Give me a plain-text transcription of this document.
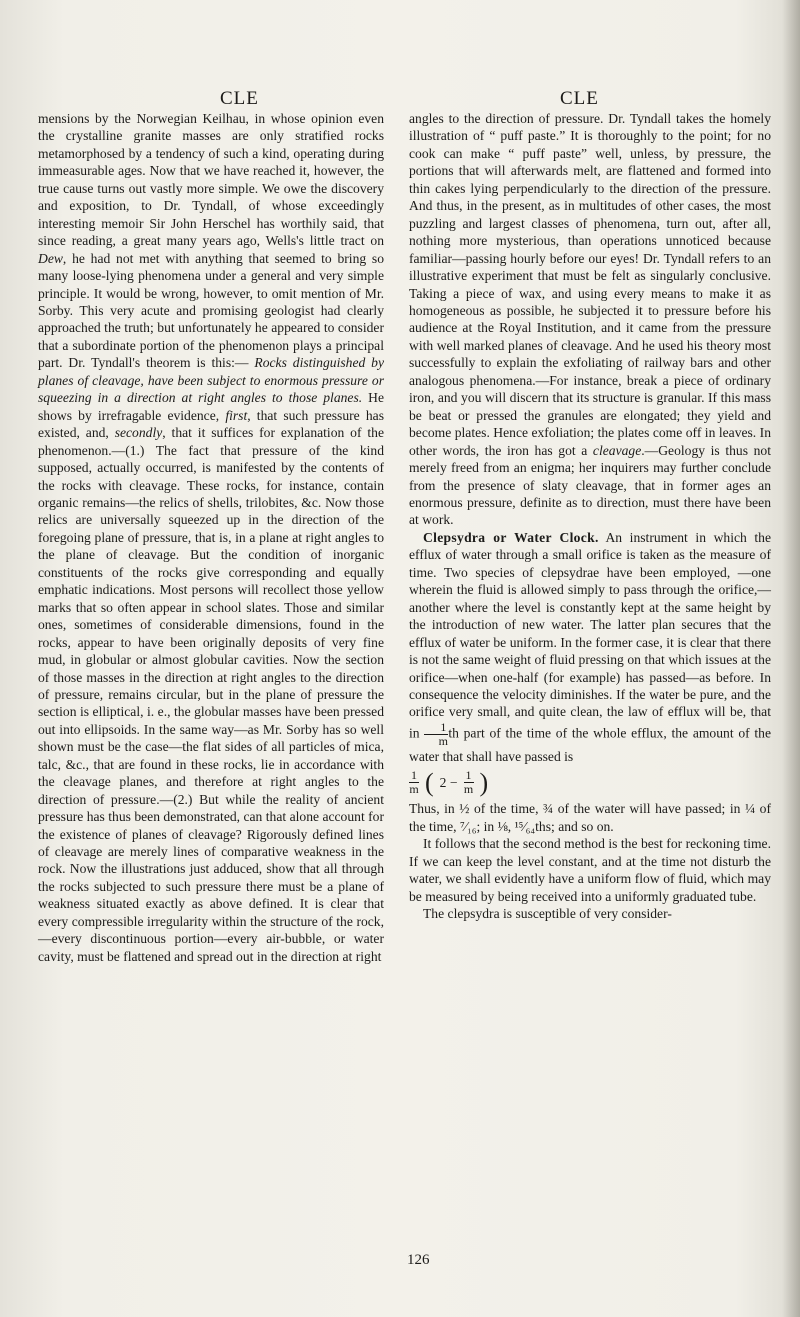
CLE	CLE

mensions by the Norwegian Keilhau, in whose opinion even the crystalline granite masses are only stratified rocks metamorphosed by a tendency of such a kind, operating during immeasurable ages. Now that we have reached it, however, the true cause turns out vastly more simple. We owe the discovery and exposition, to Dr. Tyndall, of whose exceedingly interesting memoir Sir John Herschel has worthily said, that since reading, a great many years ago, Wells's little tract on Dew, he had not met with anything that seemed to bring so many loose-lying phenomena under a general and very simple principle. It would be wrong, however, to omit mention of Mr. Sorby. This very acute and promising geologist had clearly approached the truth; but unfortunately he appeared to consider that a subordinate portion of the phenomenon plays a principal part. Dr. Tyndall's theorem is this:— Rocks distinguished by planes of cleavage, have been subject to enormous pressure or squeezing in a direction at right angles to those planes. He shows by irrefragable evidence, first, that such pressure has existed, and, secondly, that it suffices for explanation of the phenomenon.—(1.) The fact that pressure of the kind supposed, actually occurred, is manifested by the contents of the rocks with cleavage. These rocks, for instance, contain organic remains—the relics of shells, trilobites, &c. Now those relics are universally squeezed up in the direction of the foregoing plane of pressure, that is, in a plane at right angles to the plane of cleavage. But the condition of inorganic constituents of the rocks give corresponding and equally emphatic indications. Most persons will recollect those yellow marks that so often appear in school slates. Those and similar ones, sometimes of considerable dimensions, found in the rocks, appear to have been originally deposits of very fine mud, in globular or almost globular cavities. Now the section of those masses in the direction at right angles to the direction of pressure, remains circular, but in the plane of pressure the section is elliptical, i. e., the globular masses have been pressed out into ellipsoids. In the same way—as Mr. Sorby has so well shown must be the case—the flat sides of all particles of mica, talc, &c., that are found in these rocks, lie in accordance with the cleavage planes, and therefore at right angles to the direction of pressure.—(2.) But while the reality of ancient pressure has thus been demonstrated, can that alone account for the existence of planes of cleavage? Rigorously defined lines of cleavage are merely lines of comparative weakness in the rock. Now the illustrations just adduced, show that all through the rocks subjected to such pressure there must be a plane of weakness situated exactly as above defined. It is clear that every compressible irregularity within the structure of the rock,—every discontinuous portion—every air-bubble, or water cavity, must be flattened and spread out in the direction at right

angles to the direction of pressure. Dr. Tyndall takes the homely illustration of “ puff paste.” It is thoroughly to the point; for no cook can make “ puff paste” well, unless, by pressure, the portions that will afterwards melt, are flattened and formed into thin cakes lying perpendicularly to the direction of the pressure. And thus, in the present, as in multitudes of other cases, the most puzzling and largest classes of phenomena, turn out, after all, nothing more mysterious, than operations unnoticed because familiar—passing hourly before our eyes! Dr. Tyndall refers to an illustrative experiment that must be felt as singularly conclusive. Taking a piece of wax, and using every means to make it as homogeneous as possible, he subjected it to pressure before his audience at the Royal Institution, and it came from the pressure with well marked planes of cleavage. And he used his theory most successfully to explain the exfoliating of railway bars and other analogous phenomena.—For instance, break a piece of ordinary iron, and you will discern that its structure is granular. If this mass be beat or pressed the granules are elongated; they yield and become plates. Hence exfoliation; the plates come off in leaves. In other words, the iron has got a cleavage.—Geology is thus not merely freed from an enigma; her inquirers may further conclude from the presence of slaty cleavage, that in former ages an enormous pressure, definite as to direction, must there have been at work.

Clepsydra or Water Clock. An instrument in which the efflux of water through a small orifice is taken as the measure of time. Two species of clepsydrae have been employed, —one wherein the fluid is allowed simply to pass through the orifice,—another where the level is constantly kept at the same height by the introduction of new water. The latter plan secures that the efflux of water be uniform. In the former case, it is clear that there is not the same weight of fluid pressing on that which issues at the orifice—when one-half (for example) has passed—as before. In consequence the velocity diminishes. If the water be pure, and the orifice very small, and quite clean, the law of efflux will be, that in $\frac{1}{m}$ th part of the time of the whole efflux, the amount of the water that shall have passed is

$\frac{1}{m}$ ( $2 - \frac{1}{m}$ )

Thus, in ½ of the time, ¾ of the water will have passed; in ¼ of the time, ⁷⁄₁₆; in ⅛, ¹⁵⁄₆₄ths; and so on.

It follows that the second method is the best for reckoning time. If we can keep the level constant, and at the time not disturb the water, we shall evidently have a uniform flow of fluid, which may be measured by being received into a uniformly graduated tube.

The clepsydra is susceptible of very consider-

126
